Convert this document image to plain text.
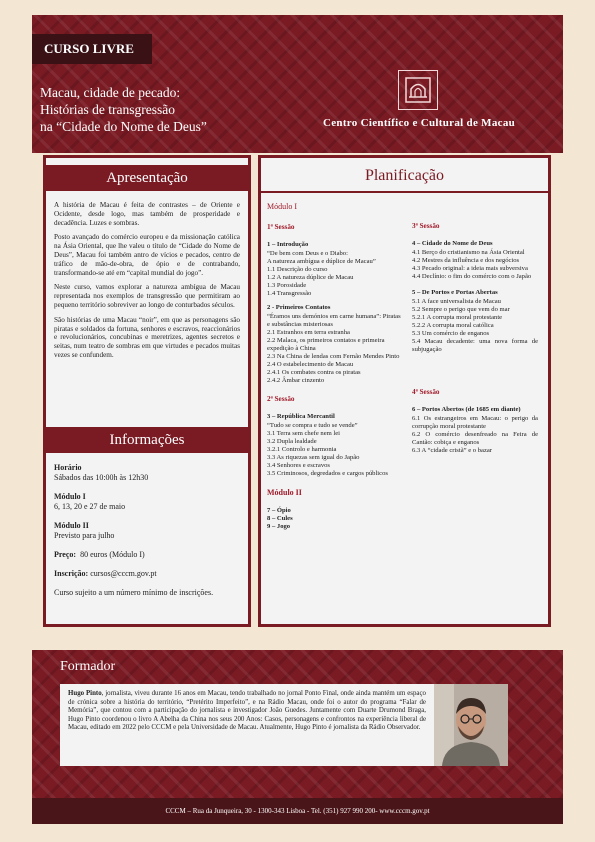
CURSO LIVRE
Macau, cidade de pecado:
Histórias de transgressão
na “Cidade do Nome de Deus”	Centro Científico e Cultural de Macau
Apresentação

A história de Macau é feita de contrastes – de Oriente e Ocidente, desde logo, mas também de prosperidade e decadência. Luzes e sombras.

Posto avançado do comércio europeu e da missionação católica na Ásia Oriental, que lhe valeu o título de “Cidade do Nome de Deus”, Macau foi também antro de vícios e pecados, centro de tráfico de mão-de-obra, de ópio e de contrabando, transformando-se até em “capital mundial do jogo”.

Neste curso, vamos explorar a natureza ambígua de Macau representada nos exemplos de transgressão que permitiram ao pequeno território sobreviver ao longo de conturbados séculos.

São histórias de uma Macau “noir”, em que as personagens são piratas e soldados da fortuna, senhores e escravos, reaccionários e revolucionários, concubinas e meretrizes, agentes secretos e seitas, num teatro de sombras em que virtudes e pecados muitas vezes se confundem.

Informações
Horário
Sábados das 10:00h às 12h30
Módulo I
6, 13, 20 e 27 de maio
Módulo II
Previsto para julho
Preço: 80 euros (Módulo I)
Inscrição: cursos@cccm.gov.pt
Curso sujeito a um número mínimo de inscrições.
Planificação
Módulo I
1ª Sessão
1 – Introdução
“De bem com Deus e o Diabo:
A natureza ambígua e dúplice de Macau”
1.1 Descrição do curso
1.2 A natureza dúplice de Macau
1.3 Porosidade
1.4 Transgressão
2 - Primeiros Contatos
“Éramos uns demónios em carne humana”: Piratas e substâncias misteriosas
2.1 Estranhos em terra estranha
2.2 Malaca, os primeiros contatos e primeira expedição à China
2.3 Na China de lendas com Fernão Mendes Pinto
2.4 O estabelecimento de Macau
2.4.1 Os combates contra os piratas
2.4.2 Âmbar cinzento
2ª Sessão
3 – República Mercantil
“Tudo se compra e tudo se vende”
3.1 Terra sem chefe nem lei
3.2 Dupla lealdade
3.2.1 Controlo e harmonia
3.3 As riquezas sem igual do Japão
3.4 Senhores e escravos
3.5 Criminosos, degredados e cargos públicos
Módulo II
7 – Ópio
8 – Cules
9 – Jogo
3ª Sessão
4 – Cidade do Nome de Deus
4.1 Berço do cristianismo na Ásia Oriental
4.2 Mestres da influência e dos negócios
4.3 Pecado original: a ideia mais subversiva
4.4 Declínio: o fim do comércio com o Japão
5 – De Portos e Portas Abertas
5.1 A face universalista de Macau
5.2 Sempre o perigo que vem do mar
5.2.1 A corrupta moral protestante
5.2.2 A corrupta moral católica
5.3 Um comércio de enganos
5.4 Macau decadente: uma nova forma de subjugação
4ª Sessão
6 – Portos Abertos (de 1685 em diante)
6.1 Os estrangeiros em Macau: o perigo da corrupção moral protestante
6.2 O comércio desenfreado na Feira de Cantão: cobiça e enganos
6.3 A “cidade cristã” e o bazar
Formador

Hugo Pinto, jornalista, viveu durante 16 anos em Macau, tendo trabalhado no jornal Ponto Final, onde ainda mantém um espaço de crónica sobre a história do território, “Pretérito Imperfeito”, e na Rádio Macau, onde foi o autor do programa “Falar de Memória”, que contou com a participação do jornalista e investigador João Guedes. Juntamente com Duarte Drumond Braga, Hugo Pinto coordenou o livro A Abelha da China nos seus 200 Anos: Casos, personagens e confrontos na experiência liberal de Macau, editado em 2022 pelo CCCM e pela Universidade de Macau. Atualmente, Hugo Pinto é jornalista da Rádio Observador.

CCCM – Rua da Junqueira, 30 - 1300-343 Lisboa - Tel. (351) 927 990 200- www.cccm.gov.pt
